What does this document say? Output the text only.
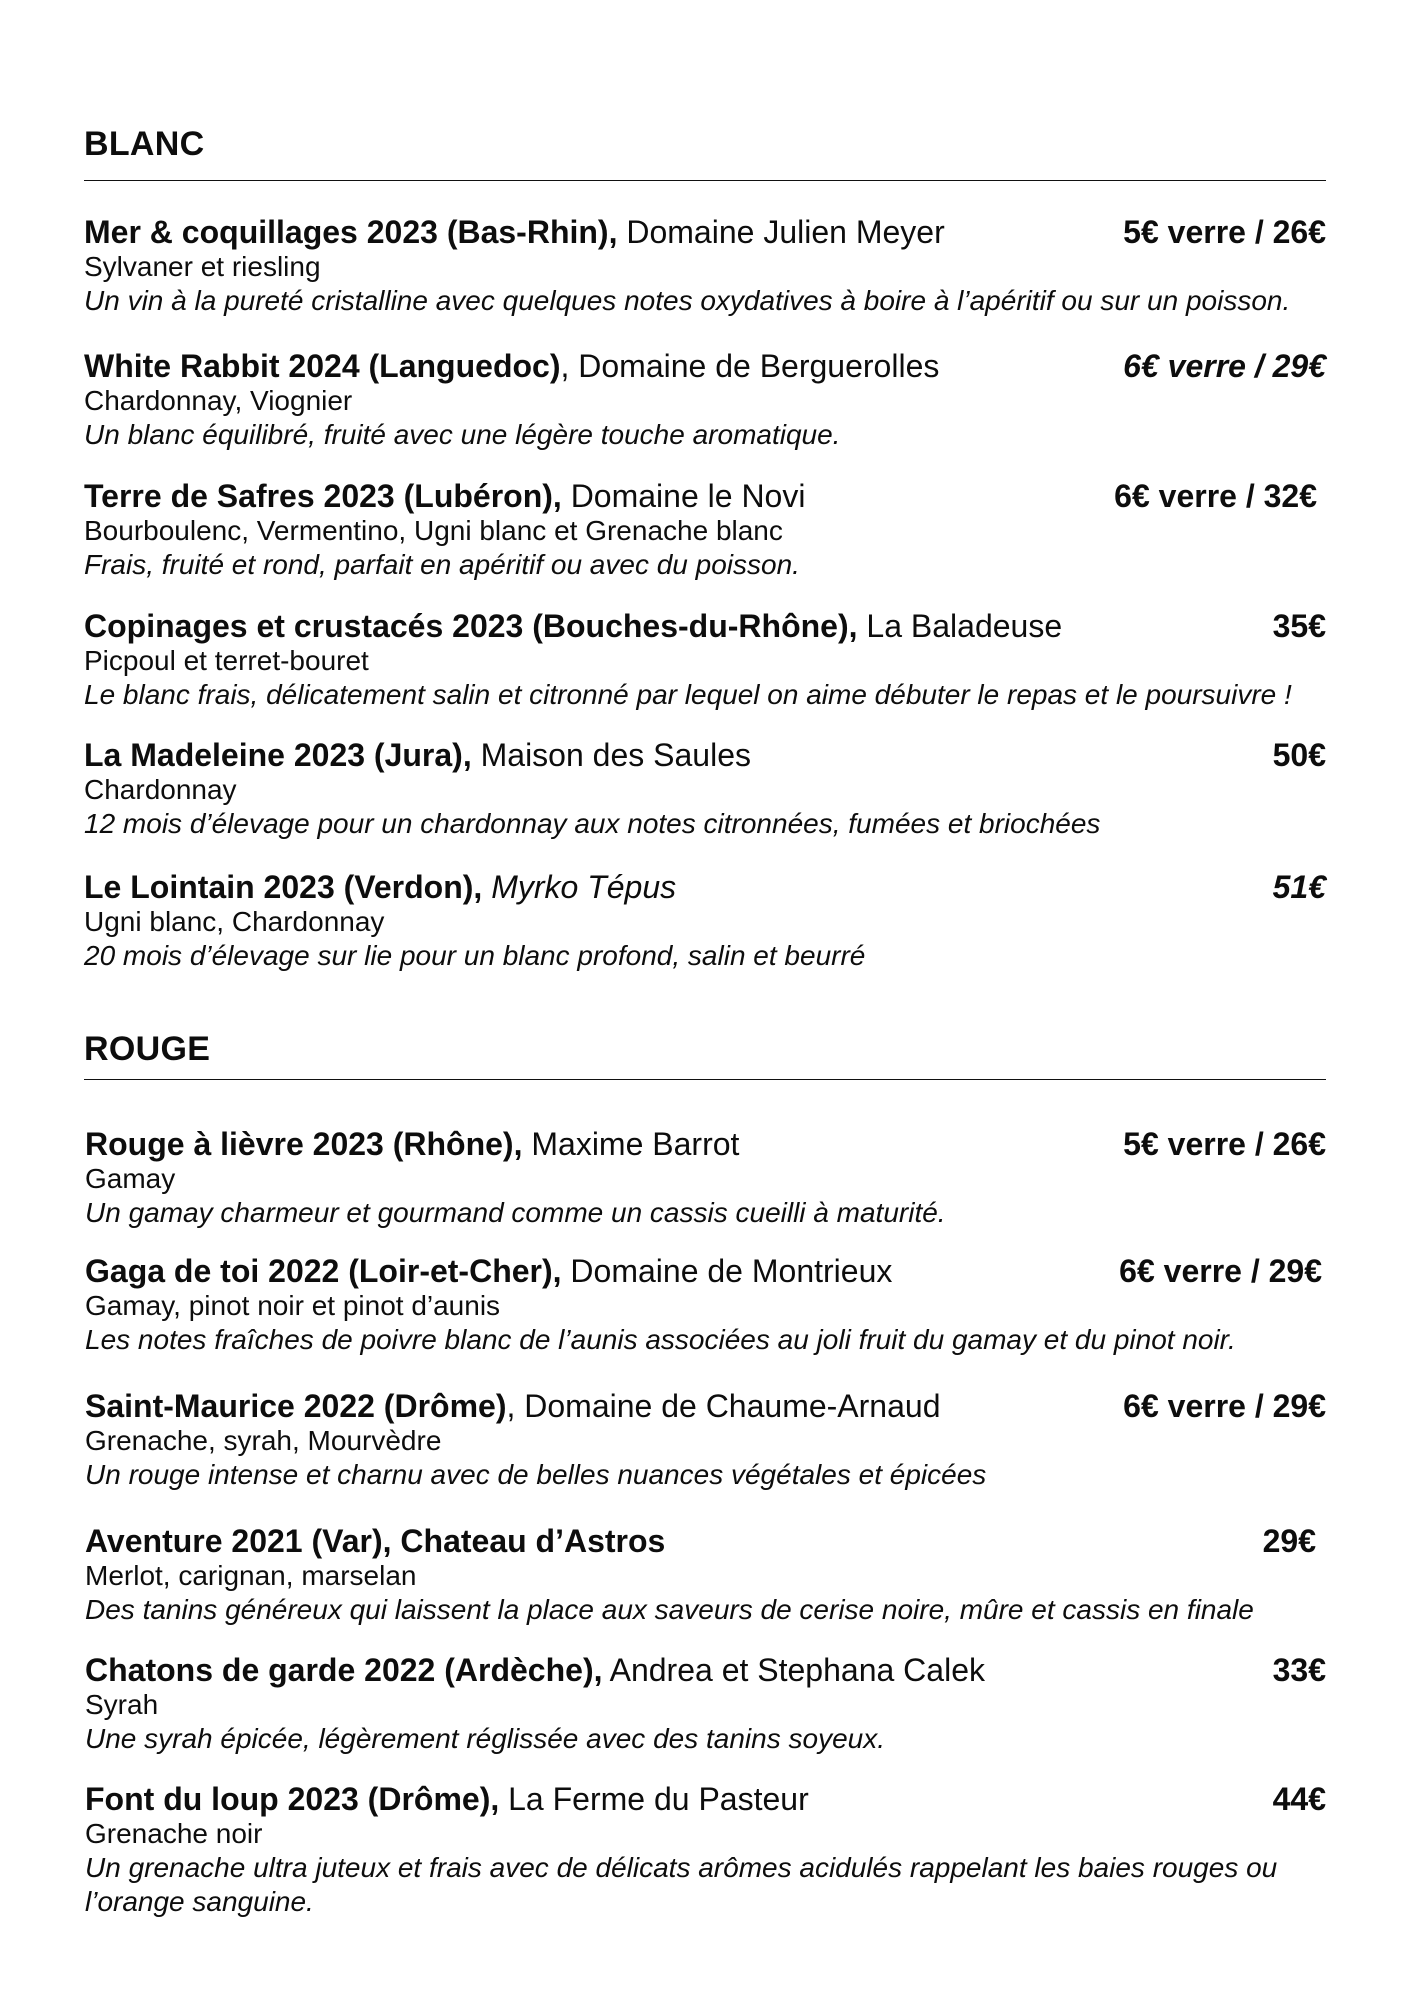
BLANC
Mer & coquillages 2023 (Bas-Rhin), Domaine Julien Meyer	5€ verre / 26€
Sylvaner et riesling
Un vin à la pureté cristalline avec quelques notes oxydatives à boire à l’apéritif ou sur un poisson.
White Rabbit 2024 (Languedoc), Domaine de Berguerolles	6€ verre / 29€
Chardonnay, Viognier
Un blanc équilibré, fruité avec une légère touche aromatique.
Terre de Safres 2023 (Lubéron), Domaine le Novi	6€ verre / 32€
Bourboulenc, Vermentino, Ugni blanc et Grenache blanc
Frais, fruité et rond, parfait en apéritif ou avec du poisson.
Copinages et crustacés 2023 (Bouches-du-Rhône), La Baladeuse	35€
Picpoul et terret-bouret
Le blanc frais, délicatement salin et citronné par lequel on aime débuter le repas et le poursuivre !
La Madeleine 2023 (Jura), Maison des Saules	50€
Chardonnay
12 mois d’élevage pour un chardonnay aux notes citronnées, fumées et briochées
Le Lointain 2023 (Verdon), Myrko Tépus	51€
Ugni blanc, Chardonnay
20 mois d’élevage sur lie pour un blanc profond, salin et beurré
ROUGE
Rouge à lièvre 2023 (Rhône), Maxime Barrot	5€ verre / 26€
Gamay
Un gamay charmeur et gourmand comme un cassis cueilli à maturité.
Gaga de toi 2022 (Loir-et-Cher), Domaine de Montrieux	6€ verre / 29€
Gamay, pinot noir et pinot d’aunis
Les notes fraîches de poivre blanc de l’aunis associées au joli fruit du gamay et du pinot noir.
Saint-Maurice 2022 (Drôme), Domaine de Chaume-Arnaud	6€ verre / 29€
Grenache, syrah, Mourvèdre
Un rouge intense et charnu avec de belles nuances végétales et épicées
Aventure 2021 (Var), Chateau d’Astros	29€
Merlot, carignan, marselan
Des tanins généreux qui laissent la place aux saveurs de cerise noire, mûre et cassis en finale
Chatons de garde 2022 (Ardèche), Andrea et Stephana Calek	33€
Syrah
Une syrah épicée, légèrement réglissée avec des tanins soyeux.
Font du loup 2023 (Drôme), La Ferme du Pasteur	44€
Grenache noir
Un grenache ultra juteux et frais avec de délicats arômes acidulés rappelant les baies rouges ou l’orange sanguine.
